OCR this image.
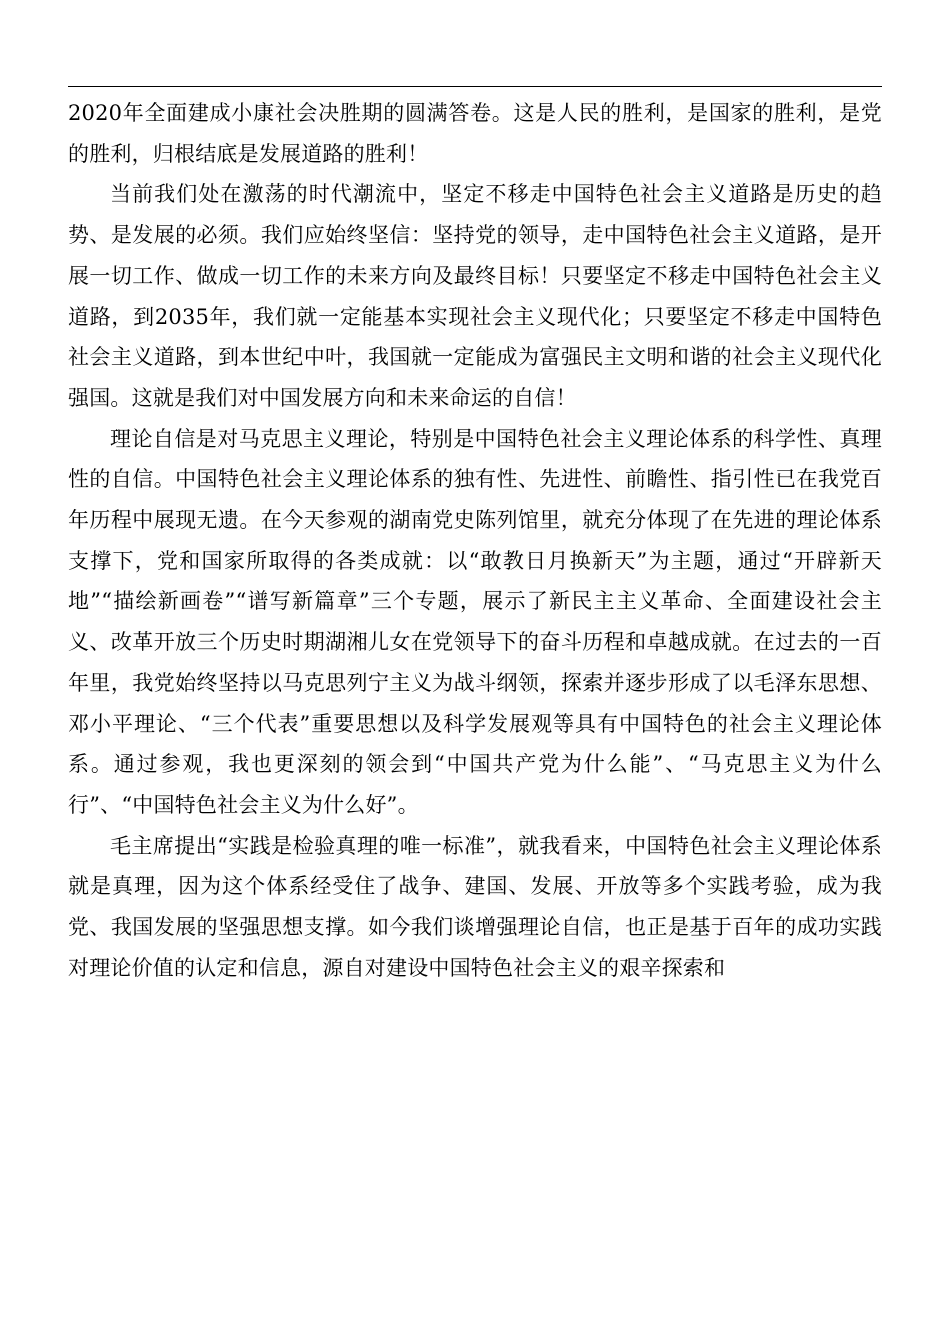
2020年全面建成小康社会决胜期的圆满答卷。这是人民的胜利，是国家的胜利，是党的胜利，归根结底是发展道路的胜利！

当前我们处在激荡的时代潮流中，坚定不移走中国特色社会主义道路是历史的趋势、是发展的必须。我们应始终坚信：坚持党的领导，走中国特色社会主义道路，是开展一切工作、做成一切工作的未来方向及最终目标！只要坚定不移走中国特色社会主义道路，到2035年，我们就一定能基本实现社会主义现代化；只要坚定不移走中国特色社会主义道路，到本世纪中叶，我国就一定能成为富强民主文明和谐的社会主义现代化强国。这就是我们对中国发展方向和未来命运的自信！

理论自信是对马克思主义理论，特别是中国特色社会主义理论体系的科学性、真理性的自信。中国特色社会主义理论体系的独有性、先进性、前瞻性、指引性已在我党百年历程中展现无遗。在今天参观的湖南党史陈列馆里，就充分体现了在先进的理论体系支撑下，党和国家所取得的各类成就：以“敢教日月换新天”为主题，通过“开辟新天地”“描绘新画卷”“谱写新篇章”三个专题，展示了新民主主义革命、全面建设社会主义、改革开放三个历史时期湖湘儿女在党领导下的奋斗历程和卓越成就。在过去的一百年里，我党始终坚持以马克思列宁主义为战斗纲领，探索并逐步形成了以毛泽东思想、邓小平理论、“三个代表”重要思想以及科学发展观等具有中国特色的社会主义理论体系。通过参观，我也更深刻的领会到“中国共产党为什么能”、“马克思主义为什么行”、“中国特色社会主义为什么好”。

毛主席提出“实践是检验真理的唯一标准”，就我看来，中国特色社会主义理论体系就是真理，因为这个体系经受住了战争、建国、发展、开放等多个实践考验，成为我党、我国发展的坚强思想支撑。如今我们谈增强理论自信，也正是基于百年的成功实践对理论价值的认定和信息，源自对建设中国特色社会主义的艰辛探索和
